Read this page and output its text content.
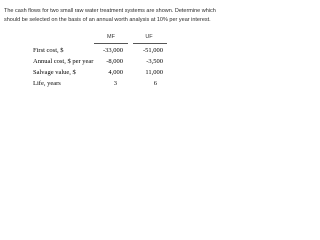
The cash flows for two small raw water treatment systems are shown. Determine which
should be selected on the basis of an annual worth analysis at 10% per year interest.
MF	UF
First cost, $	-33,000	-51,000
Annual cost, $ per year	-8,000	-3,500
Salvage value, $	4,000	11,000
Life, years	3	6
